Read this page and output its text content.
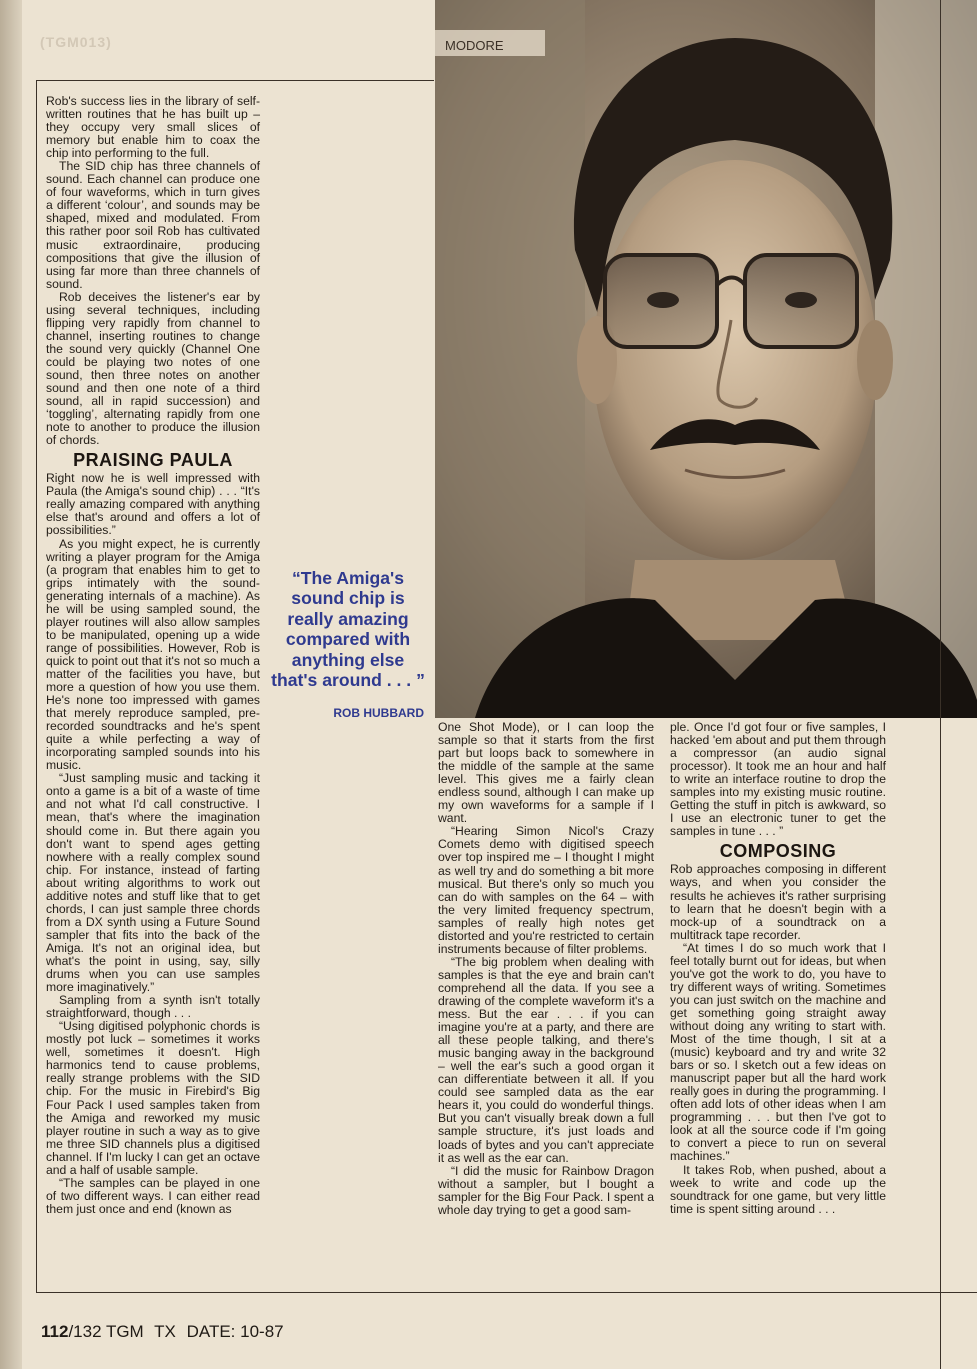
(TGM013)

Rob's success lies in the library of self-written routines that he has built up – they occupy very small slices of memory but enable him to coax the chip into performing to the full.

The SID chip has three channels of sound. Each channel can produce one of four waveforms, which in turn gives a different ‘colour’, and sounds may be shaped, mixed and modulated. From this rather poor soil Rob has cultivated music extraordinaire, producing compositions that give the illusion of using far more than three channels of sound.

Rob deceives the listener's ear by using several techniques, including flipping very rapidly from channel to channel, inserting routines to change the sound very quickly (Channel One could be playing two notes of one sound, then three notes on another sound and then one note of a third sound, all in rapid succession) and ‘toggling’, alternating rapidly from one note to another to produce the illusion of chords.

PRAISING PAULA

Right now he is well impressed with Paula (the Amiga's sound chip) . . . “It's really amazing compared with anything else that's around and offers a lot of possibilities.”

As you might expect, he is currently writing a player program for the Amiga (a program that enables him to get to grips intimately with the sound-generating internals of a machine). As he will be using sampled sound, the player routines will also allow samples to be manipulated, opening up a wide range of possibilities. However, Rob is quick to point out that it's not so much a matter of the facilities you have, but more a question of how you use them. He's none too impressed with games that merely reproduce sampled, pre-recorded soundtracks and he's spent quite a while perfecting a way of incorporating sampled sounds into his music.

“Just sampling music and tacking it onto a game is a bit of a waste of time and not what I'd call constructive. I mean, that's where the imagination should come in. But there again you don't want to spend ages getting nowhere with a really complex sound chip. For instance, instead of farting about writing algorithms to work out additive notes and stuff like that to get chords, I can just sample three chords from a DX synth using a Future Sound sampler that fits into the back of the Amiga. It's not an original idea, but what's the point in using, say, silly drums when you can use samples more imaginatively.”

Sampling from a synth isn't totally straightforward, though . . .

“Using digitised polyphonic chords is mostly pot luck – sometimes it works well, sometimes it doesn't. High harmonics tend to cause problems, really strange problems with the SID chip. For the music in Firebird's Big Four Pack I used samples taken from the Amiga and reworked my music player routine in such a way as to give me three SID channels plus a digitised channel. If I'm lucky I can get an octave and a half of usable sample.

“The samples can be played in one of two different ways. I can either read them just once and end (known as

“The Amiga's sound chip is really amazing compared with anything else that's around . . . ”
ROB HUBBARD
MODORE

One Shot Mode), or I can loop the sample so that it starts from the first part but loops back to somewhere in the middle of the sample at the same level. This gives me a fairly clean endless sound, although I can make up my own waveforms for a sample if I want.

“Hearing Simon Nicol's Crazy Comets demo with digitised speech over top inspired me – I thought I might as well try and do something a bit more musical. But there's only so much you can do with samples on the 64 – with the very limited frequency spectrum, samples of really high notes get distorted and you're restricted to certain instruments because of filter problems.

“The big problem when dealing with samples is that the eye and brain can't comprehend all the data. If you see a drawing of the complete waveform it's a mess. But the ear . . . if you can imagine you're at a party, and there are all these people talking, and there's music banging away in the background – well the ear's such a good organ it can differentiate between it all. If you could see sampled data as the ear hears it, you could do wonderful things. But you can't visually break down a full sample structure, it's just loads and loads of bytes and you can't appreciate it as well as the ear can.

“I did the music for Rainbow Dragon without a sampler, but I bought a sampler for the Big Four Pack. I spent a whole day trying to get a good sam-

ple. Once I'd got four or five samples, I hacked 'em about and put them through a compressor (an audio signal processor). It took me an hour and half to write an interface routine to drop the samples into my existing music routine. Getting the stuff in pitch is awkward, so I use an electronic tuner to get the samples in tune . . . ”

COMPOSING

Rob approaches composing in different ways, and when you consider the results he achieves it's rather surprising to learn that he doesn't begin with a mock-up of a soundtrack on a multitrack tape recorder.

“At times I do so much work that I feel totally burnt out for ideas, but when you've got the work to do, you have to try different ways of writing. Sometimes you can just switch on the machine and get something going straight away without doing any writing to start with. Most of the time though, I sit at a (music) keyboard and try and write 32 bars or so. I sketch out a few ideas on manuscript paper but all the hard work really goes in during the programming. I often add lots of other ideas when I am programming . . . but then I've got to look at all the source code if I'm going to convert a piece to run on several machines.”

It takes Rob, when pushed, about a week to write and code up the soundtrack for one game, but very little time is spent sitting around . . .

112/132 TGM TX DATE: 10-87
